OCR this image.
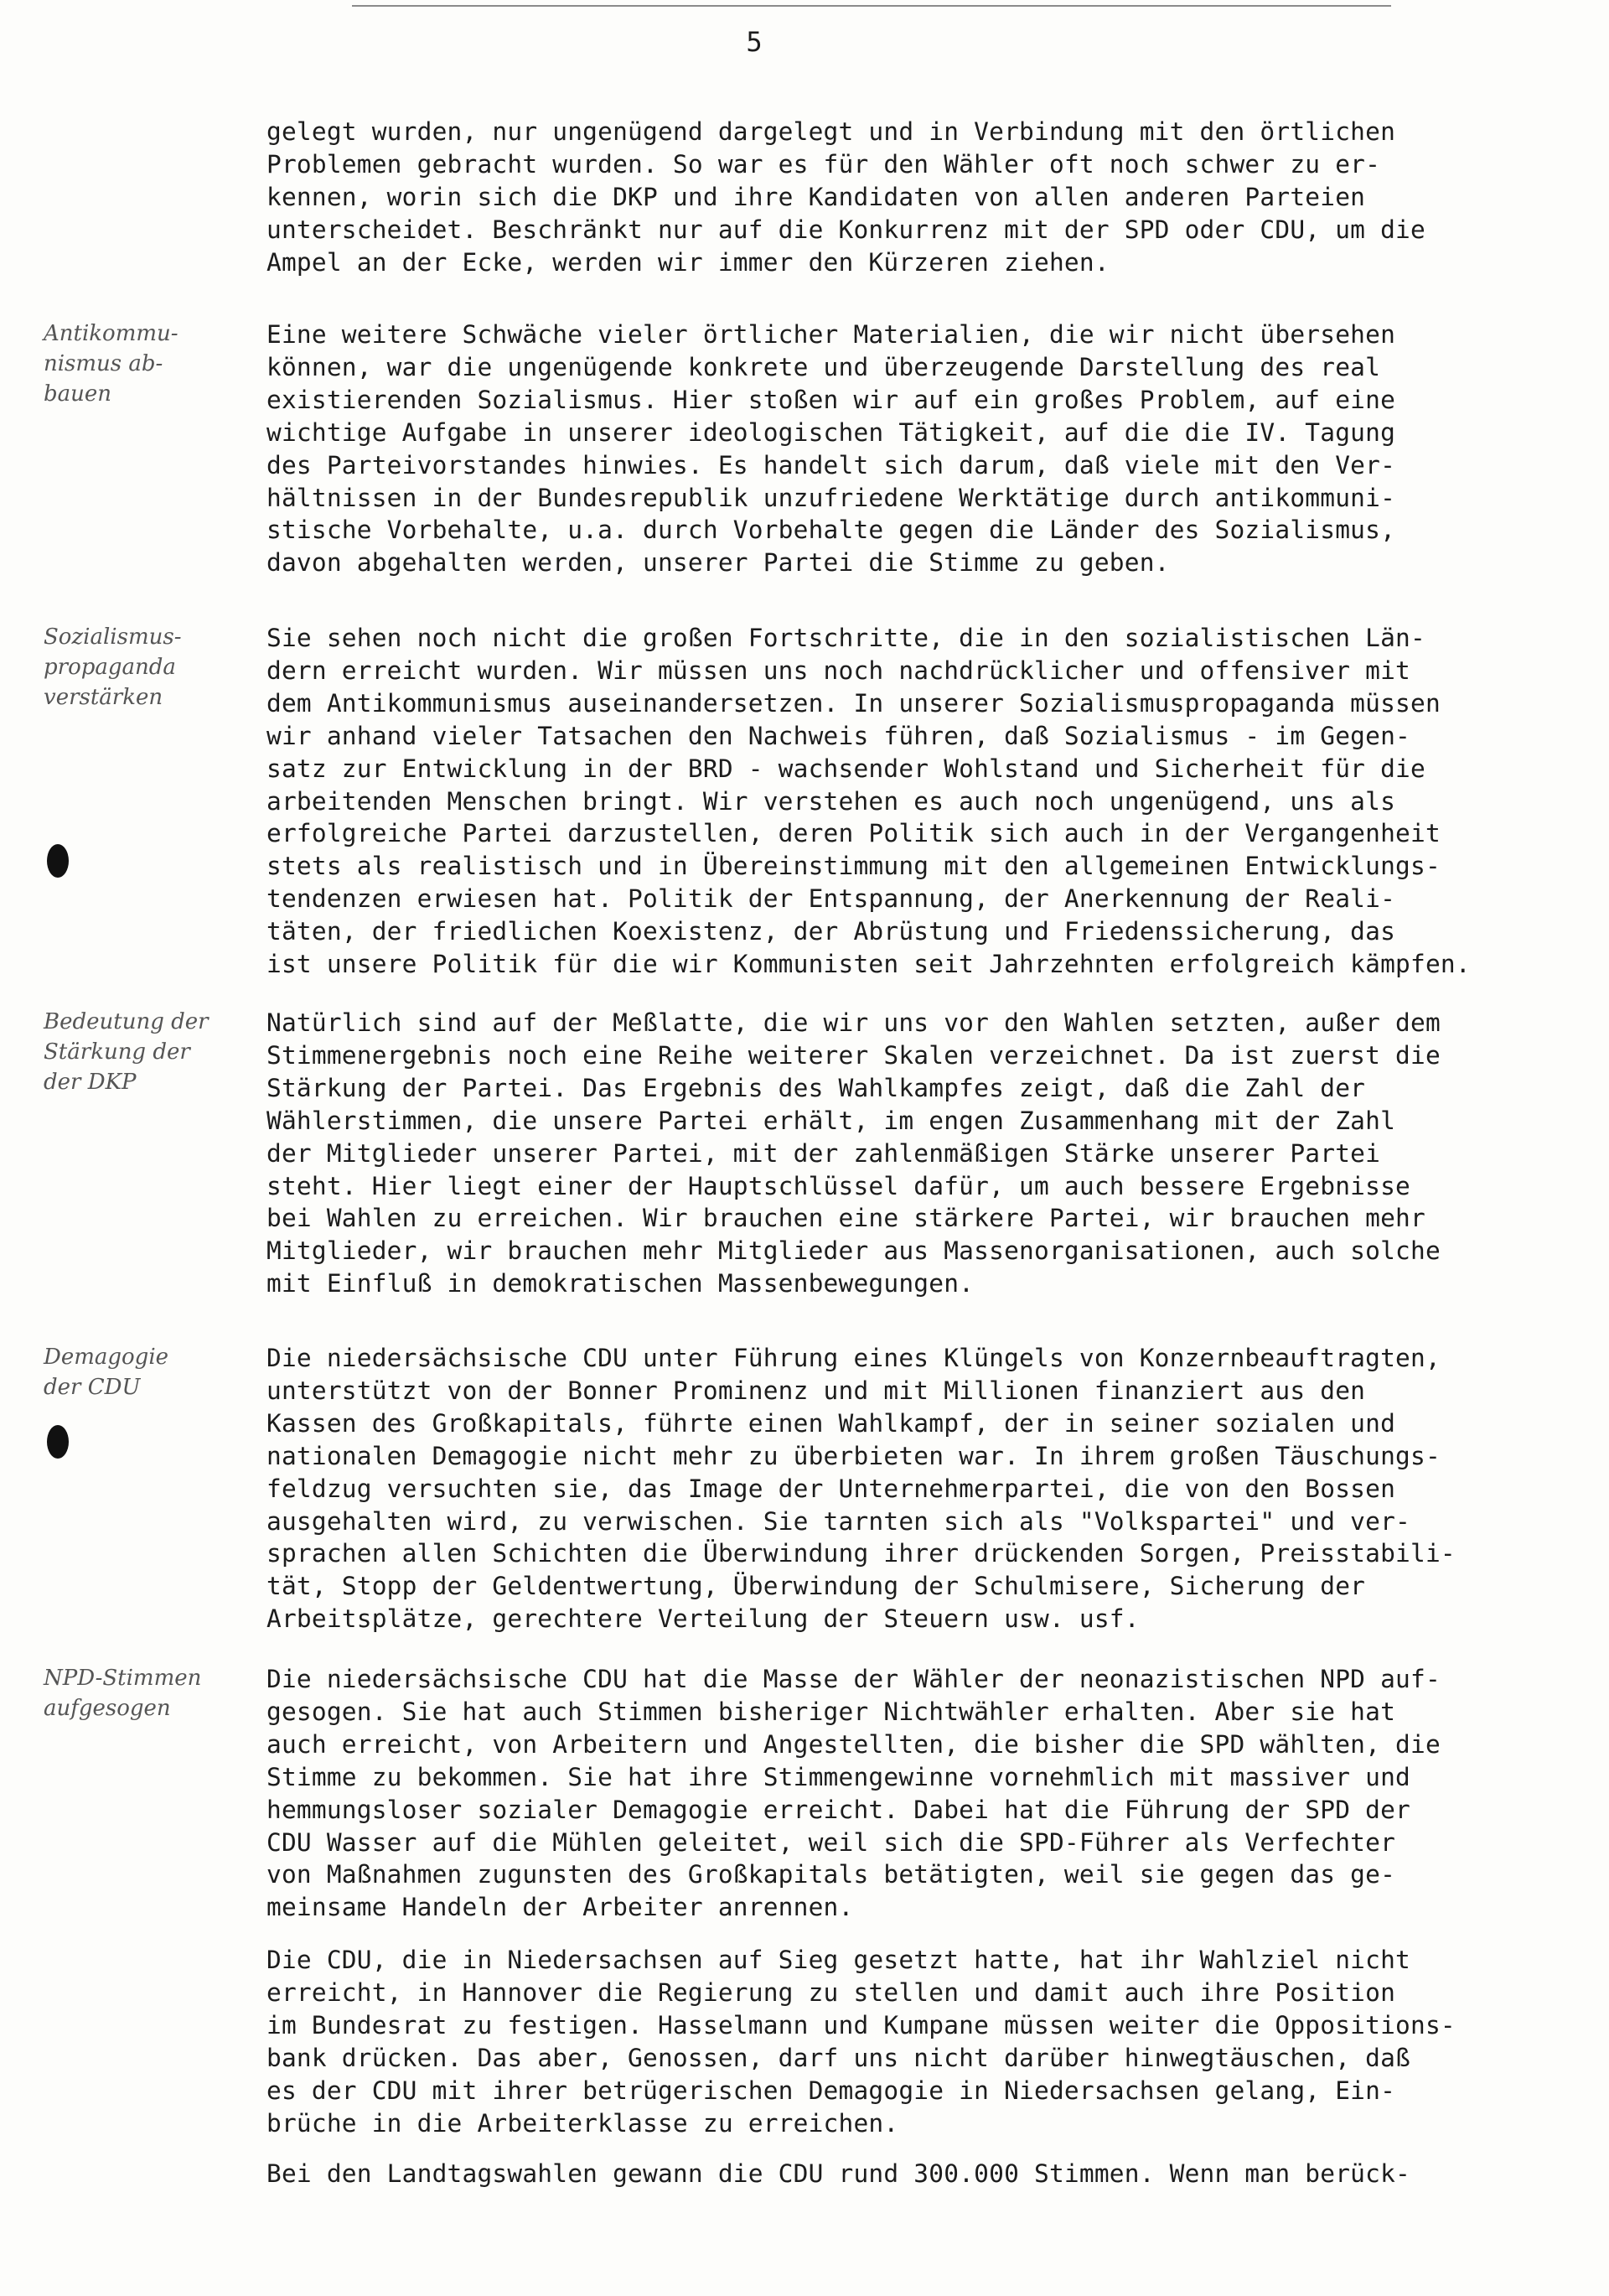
5
gelegt wurden, nur ungenügend dargelegt und in Verbindung mit den örtlichen
Problemen gebracht wurden. So war es für den Wähler oft noch schwer zu er-
kennen, worin sich die DKP und ihre Kandidaten von allen anderen Parteien
unterscheidet. Beschränkt nur auf die Konkurrenz mit der SPD oder CDU, um die
Ampel an der Ecke, werden wir immer den Kürzeren ziehen.
Antikommu-
nismus ab-
bauen
Eine weitere Schwäche vieler örtlicher Materialien, die wir nicht übersehen
können, war die ungenügende konkrete und überzeugende Darstellung des real
existierenden Sozialismus. Hier stoßen wir auf ein großes Problem, auf eine
wichtige Aufgabe in unserer ideologischen Tätigkeit, auf die die IV. Tagung
des Parteivorstandes hinwies. Es handelt sich darum, daß viele mit den Ver-
hältnissen in der Bundesrepublik unzufriedene Werktätige durch antikommuni-
stische Vorbehalte, u.a. durch Vorbehalte gegen die Länder des Sozialismus,
davon abgehalten werden, unserer Partei die Stimme zu geben.
Sozialismus-
propaganda
verstärken
Sie sehen noch nicht die großen Fortschritte, die in den sozialistischen Län-
dern erreicht wurden. Wir müssen uns noch nachdrücklicher und offensiver mit
dem Antikommunismus auseinandersetzen. In unserer Sozialismuspropaganda müssen
wir anhand vieler Tatsachen den Nachweis führen, daß Sozialismus - im Gegen-
satz zur Entwicklung in der BRD - wachsender Wohlstand und Sicherheit für die
arbeitenden Menschen bringt. Wir verstehen es auch noch ungenügend, uns als
erfolgreiche Partei darzustellen, deren Politik sich auch in der Vergangenheit
stets als realistisch und in Übereinstimmung mit den allgemeinen Entwicklungs-
tendenzen erwiesen hat. Politik der Entspannung, der Anerkennung der Reali-
täten, der friedlichen Koexistenz, der Abrüstung und Friedenssicherung, das
ist unsere Politik für die wir Kommunisten seit Jahrzehnten erfolgreich kämpfen.
Bedeutung der
Stärkung der
der DKP
Natürlich sind auf der Meßlatte, die wir uns vor den Wahlen setzten, außer dem
Stimmenergebnis noch eine Reihe weiterer Skalen verzeichnet. Da ist zuerst die
Stärkung der Partei. Das Ergebnis des Wahlkampfes zeigt, daß die Zahl der
Wählerstimmen, die unsere Partei erhält, im engen Zusammenhang mit der Zahl
der Mitglieder unserer Partei, mit der zahlenmäßigen Stärke unserer Partei
steht. Hier liegt einer der Hauptschlüssel dafür, um auch bessere Ergebnisse
bei Wahlen zu erreichen. Wir brauchen eine stärkere Partei, wir brauchen mehr
Mitglieder, wir brauchen mehr Mitglieder aus Massenorganisationen, auch solche
mit Einfluß in demokratischen Massenbewegungen.
Demagogie
der CDU
Die niedersächsische CDU unter Führung eines Klüngels von Konzernbeauftragten,
unterstützt von der Bonner Prominenz und mit Millionen finanziert aus den
Kassen des Großkapitals, führte einen Wahlkampf, der in seiner sozialen und
nationalen Demagogie nicht mehr zu überbieten war. In ihrem großen Täuschungs-
feldzug versuchten sie, das Image der Unternehmerpartei, die von den Bossen
ausgehalten wird, zu verwischen. Sie tarnten sich als "Volkspartei" und ver-
sprachen allen Schichten die Überwindung ihrer drückenden Sorgen, Preisstabili-
tät, Stopp der Geldentwertung, Überwindung der Schulmisere, Sicherung der
Arbeitsplätze, gerechtere Verteilung der Steuern usw. usf.
NPD-Stimmen
aufgesogen
Die niedersächsische CDU hat die Masse der Wähler der neonazistischen NPD auf-
gesogen. Sie hat auch Stimmen bisheriger Nichtwähler erhalten. Aber sie hat
auch erreicht, von Arbeitern und Angestellten, die bisher die SPD wählten, die
Stimme zu bekommen. Sie hat ihre Stimmengewinne vornehmlich mit massiver und
hemmungsloser sozialer Demagogie erreicht. Dabei hat die Führung der SPD der
CDU Wasser auf die Mühlen geleitet, weil sich die SPD-Führer als Verfechter
von Maßnahmen zugunsten des Großkapitals betätigten, weil sie gegen das ge-
meinsame Handeln der Arbeiter anrennen.
Die CDU, die in Niedersachsen auf Sieg gesetzt hatte, hat ihr Wahlziel nicht
erreicht, in Hannover die Regierung zu stellen und damit auch ihre Position
im Bundesrat zu festigen. Hasselmann und Kumpane müssen weiter die Oppositions-
bank drücken. Das aber, Genossen, darf uns nicht darüber hinwegtäuschen, daß
es der CDU mit ihrer betrügerischen Demagogie in Niedersachsen gelang, Ein-
brüche in die Arbeiterklasse zu erreichen.
Bei den Landtagswahlen gewann die CDU rund 300.000 Stimmen. Wenn man berück-
